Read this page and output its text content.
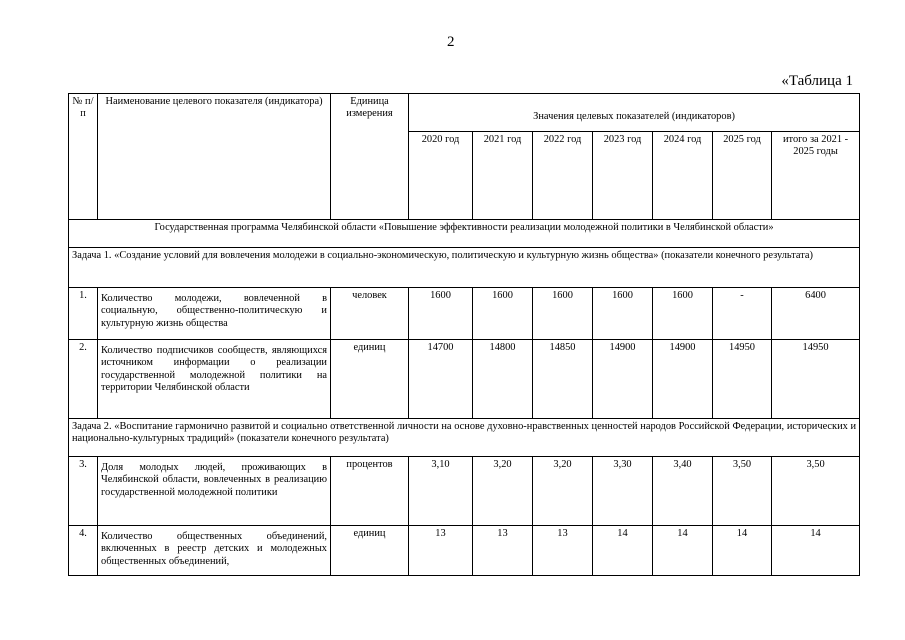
2
«Таблица 1
№ п/п	Наименование целевого показателя (индикатора)	Единица измерения	Значения целевых показателей (индикаторов)						
			2020 год	2021 год	2022 год	2023 год	2024 год	2025 год	итого за 2021 - 2025 годы
Государственная программа Челябинской области «Повышение эффективности реализации молодежной политики в Челябинской области»									
Задача 1. «Создание условий для вовлечения молодежи в социально-экономическую, политическую и культурную жизнь общества» (показатели конечного результата)									
1.	Количество молодежи, вовлеченной в социальную, общественно-политическую и культурную жизнь общества	человек	1600	1600	1600	1600	1600	-	6400
2.	Количество подписчиков сообществ, являющихся источником информации о реализации государственной молодежной политики на территории Челябинской области	единиц	14700	14800	14850	14900	14900	14950	14950
Задача 2. «Воспитание гармонично развитой и социально ответственной личности на основе духовно-нравственных ценностей народов Российской Федерации, исторических и национально-культурных традиций» (показатели конечного результата)									
3.	Доля молодых людей, проживающих в Челябинской области, вовлеченных в реализацию государственной молодежной политики	процентов	3,10	3,20	3,20	3,30	3,40	3,50	3,50
4.	Количество общественных объединений, включенных в реестр детских и молодежных общественных объединений,	единиц	13	13	13	14	14	14	14
